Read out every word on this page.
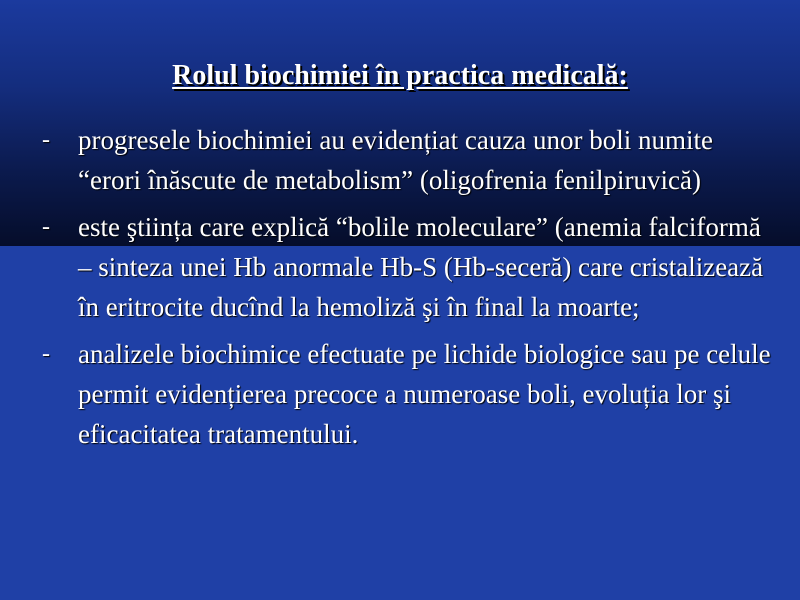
Rolul biochimiei în practica medicală:
- progresele biochimiei au evidențiat cauza unor boli numite “erori înăscute de metabolism” (oligofrenia fenilpiruvică)
- este ştiința care explică “bolile moleculare” (anemia falciformă – sinteza unei Hb anormale Hb-S (Hb-seceră) care cristalizează în eritrocite ducînd la hemoliză şi în final la moarte;
- analizele biochimice efectuate pe lichide biologice sau pe celule permit evidențierea precoce a numeroase boli, evoluția lor şi eficacitatea tratamentului.
